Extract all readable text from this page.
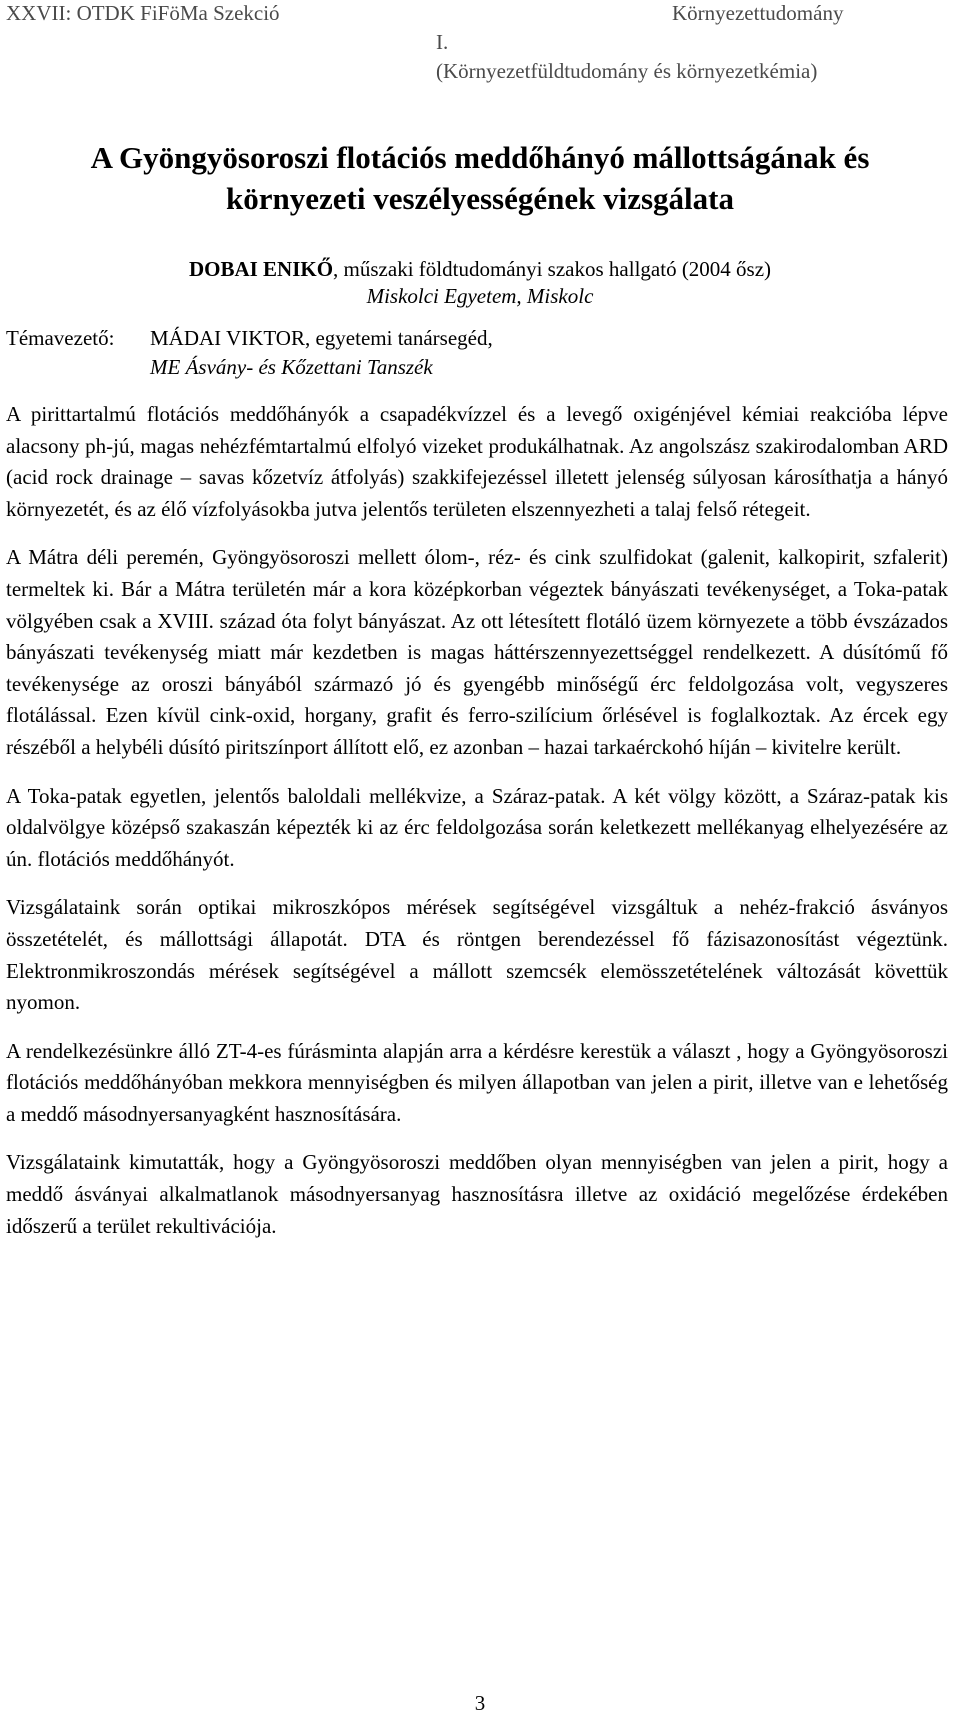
XXVII: OTDK FiFöMa Szekció	Környezettudomány
I.
(Környezetfüldtudomány és környezetkémia)
A Gyöngyösoroszi flotációs meddőhányó mállottságának és
környezeti veszélyességének vizsgálata
DOBAI ENIKŐ, műszaki földtudományi szakos hallgató (2004 ősz)
Miskolci Egyetem, Miskolc
Témavezető: MÁDAI VIKTOR, egyetemi tanársegéd,
ME Ásvány- és Kőzettani Tanszék

A pirittartalmú flotációs meddőhányók a csapadékvízzel és a levegő oxigénjével kémiai reakcióba lépve alacsony ph-jú, magas nehézfémtartalmú elfolyó vizeket produkálhatnak. Az angolszász szakirodalomban ARD (acid rock drainage – savas kőzetvíz átfolyás) szakkifejezéssel illetett jelenség súlyosan károsíthatja a hányó környezetét, és az élő vízfolyásokba jutva jelentős területen elszennyezheti a talaj felső rétegeit.

A Mátra déli peremén, Gyöngyösoroszi mellett ólom-, réz- és cink szulfidokat (galenit, kalkopirit, szfalerit) termeltek ki. Bár a Mátra területén már a kora középkorban végeztek bányászati tevékenységet, a Toka-patak völgyében csak a XVIII. század óta folyt bányászat. Az ott létesített flotáló üzem környezete a több évszázados bányászati tevékenység miatt már kezdetben is magas háttérszennyezettséggel rendelkezett. A dúsítómű fő tevékenysége az oroszi bányából származó jó és gyengébb minőségű érc feldolgozása volt, vegyszeres flotálással. Ezen kívül cink-oxid, horgany, grafit és ferro-szilícium őrlésével is foglalkoztak. Az ércek egy részéből a helybéli dúsító piritszínport állított elő, ez azonban – hazai tarkaérckohó híján – kivitelre került.

A Toka-patak egyetlen, jelentős baloldali mellékvize, a Száraz-patak. A két völgy között, a Száraz-patak kis oldalvölgye középső szakaszán képezték ki az érc feldolgozása során keletkezett mellékanyag elhelyezésére az ún. flotációs meddőhányót.

Vizsgálataink során optikai mikroszkópos mérések segítségével vizsgáltuk a nehéz-frakció ásványos összetételét, és mállottsági állapotát. DTA és röntgen berendezéssel fő fázisazonosítást végeztünk. Elektronmikroszondás mérések segítségével a mállott szemcsék elemösszetételének változását követtük nyomon.

A rendelkezésünkre álló ZT-4-es fúrásminta alapján arra a kérdésre kerestük a választ , hogy a Gyöngyösoroszi flotációs meddőhányóban mekkora mennyiségben és milyen állapotban van jelen a pirit, illetve van e lehetőség a meddő másodnyersanyagként hasznosítására.

Vizsgálataink kimutatták, hogy a Gyöngyösoroszi meddőben olyan mennyiségben van jelen a pirit, hogy a meddő ásványai alkalmatlanok másodnyersanyag hasznosításra illetve az oxidáció megelőzése érdekében időszerű a terület rekultivációja.

3
